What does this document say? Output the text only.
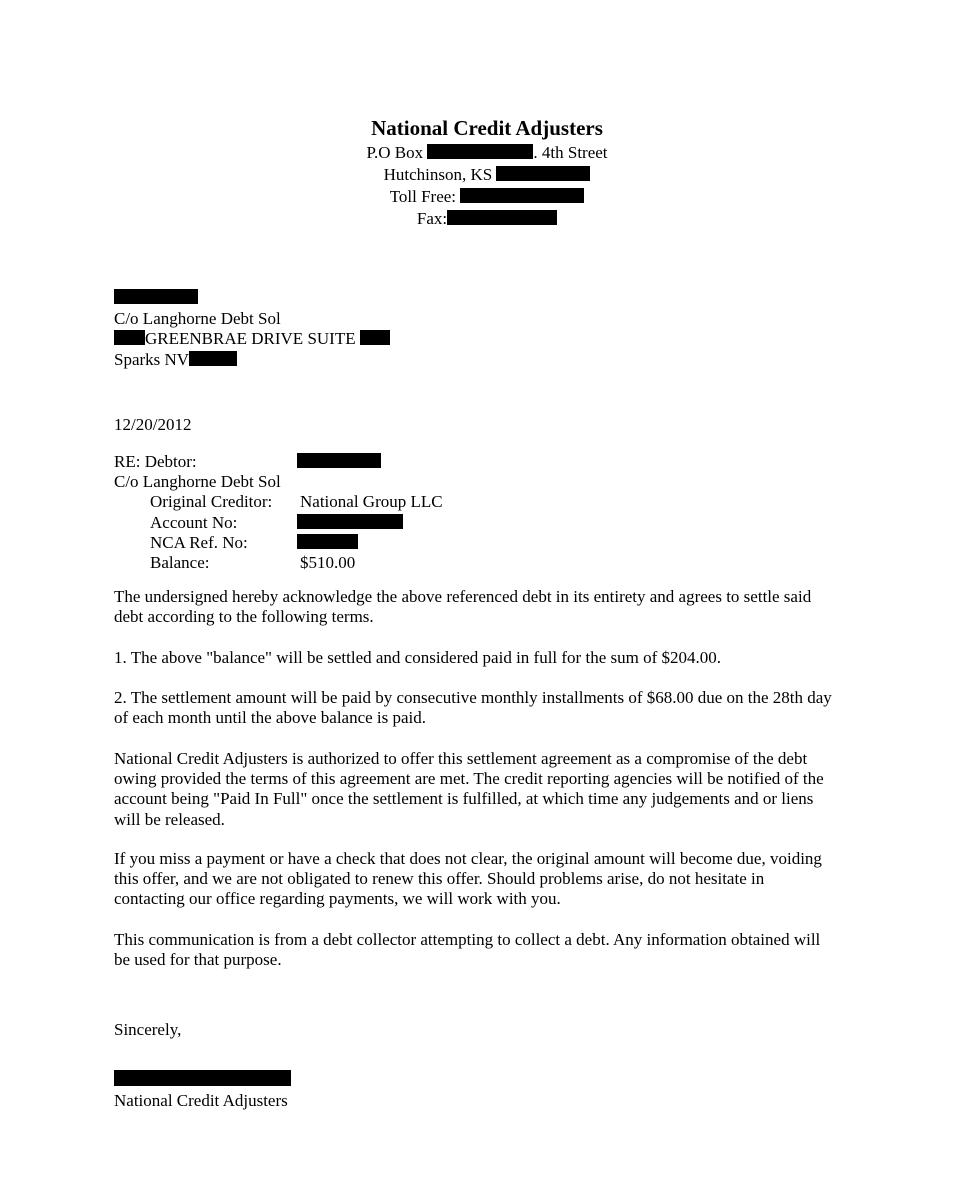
National Credit Adjusters
P.O Box	. 4th Street
Hutchinson, KS
Toll Free:
Fax:
C/o Langhorne Debt Sol
GREENBRAE DRIVE SUITE
Sparks NV
12/20/2012
RE: Debtor:
C/o Langhorne Debt Sol
Original Creditor: National Group LLC
Account No:
NCA Ref. No:
Balance:	$510.00
The undersigned hereby acknowledge the above referenced debt in its entirety and agrees to settle said
debt according to the following terms.
1. The above "balance" will be settled and considered paid in full for the sum of $204.00.
2. The settlement amount will be paid by consecutive monthly installments of $68.00 due on the 28th day
of each month until the above balance is paid.
National Credit Adjusters is authorized to offer this settlement agreement as a compromise of the debt
owing provided the terms of this agreement are met. The credit reporting agencies will be notified of the
account being "Paid In Full" once the settlement is fulfilled, at which time any judgements and or liens
will be released.
If you miss a payment or have a check that does not clear, the original amount will become due, voiding
this offer, and we are not obligated to renew this offer. Should problems arise, do not hesitate in
contacting our office regarding payments, we will work with you.
This communication is from a debt collector attempting to collect a debt. Any information obtained will
be used for that purpose.
Sincerely,
National Credit Adjusters
